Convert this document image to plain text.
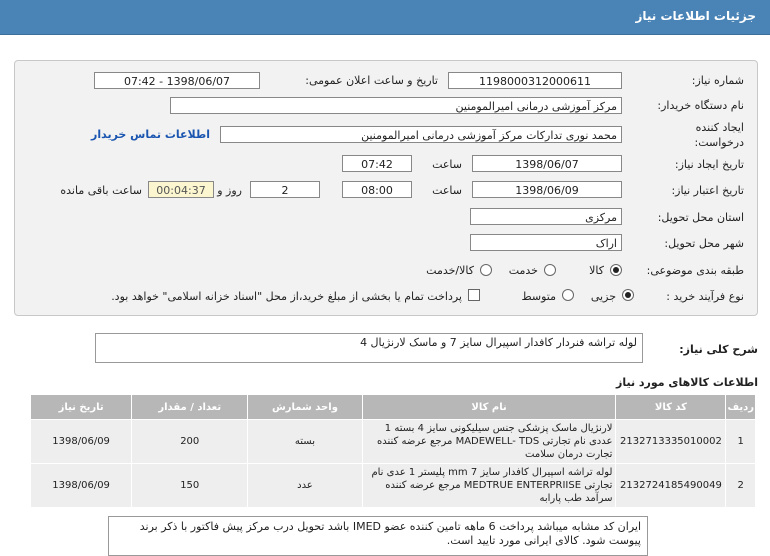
جزئیات اطلاعات نیاز
شماره نیاز:
1198000312000611
تاریخ و ساعت اعلان عمومی:
1398/06/07 - 07:42
نام دستگاه خریدار:
مرکز آموزشی درمانی امیرالمومنین
ایجاد کننده
درخواست:
محمد نوری تدارکات مرکز آموزشی درمانی امیرالمومنین
اطلاعات تماس خریدار
تاریخ ایجاد نیاز:
1398/06/07
ساعت
07:42
تاریخ اعتبار نیاز:
1398/06/09
ساعت
08:00
2
روز و
00:04:37
ساعت باقی مانده
استان محل تحویل:
مرکزی
شهر محل تحویل:
اراک
طبقه بندی موضوعی:
کالا
خدمت
کالا/خدمت
نوع فرآیند خرید :
جزیی
متوسط
پرداخت تمام یا بخشی از مبلغ خرید،از محل "اسناد خزانه اسلامی" خواهد بود.
شرح کلی نیاز:
لوله تراشه فنردار کافدار اسپیرال سایز 7 و ماسک لارنژیال 4
اطلاعات کالاهای مورد نیاز
ردیف	کد کالا	نام کالا	واحد شمارش	تعداد / مقدار	تاریخ نیاز
1	2132713335010002	لارنژیال ماسک پزشکی جنس سیلیکونی سایز 4 بسته 1 عددی نام تجارتی MADEWELL- TDS مرجع عرضه کننده تجارت درمان سلامت	بسته	200	1398/06/09
2	2132724185490049	لوله تراشه اسپیرال کافدار سایز mm 7 پلیستر 1 عدی نام تجارتی MEDTRUE ENTERPRIISE مرجع عرضه کننده سرآمد طب پارابه	عدد	150	1398/06/09
ایران کد مشابه میباشد پرداخت 6 ماهه تامین کننده عضو IMED باشد تحویل درب مرکز پیش فاکتور با ذکر برند پیوست شود. کالای ایرانی مورد تایید است.
